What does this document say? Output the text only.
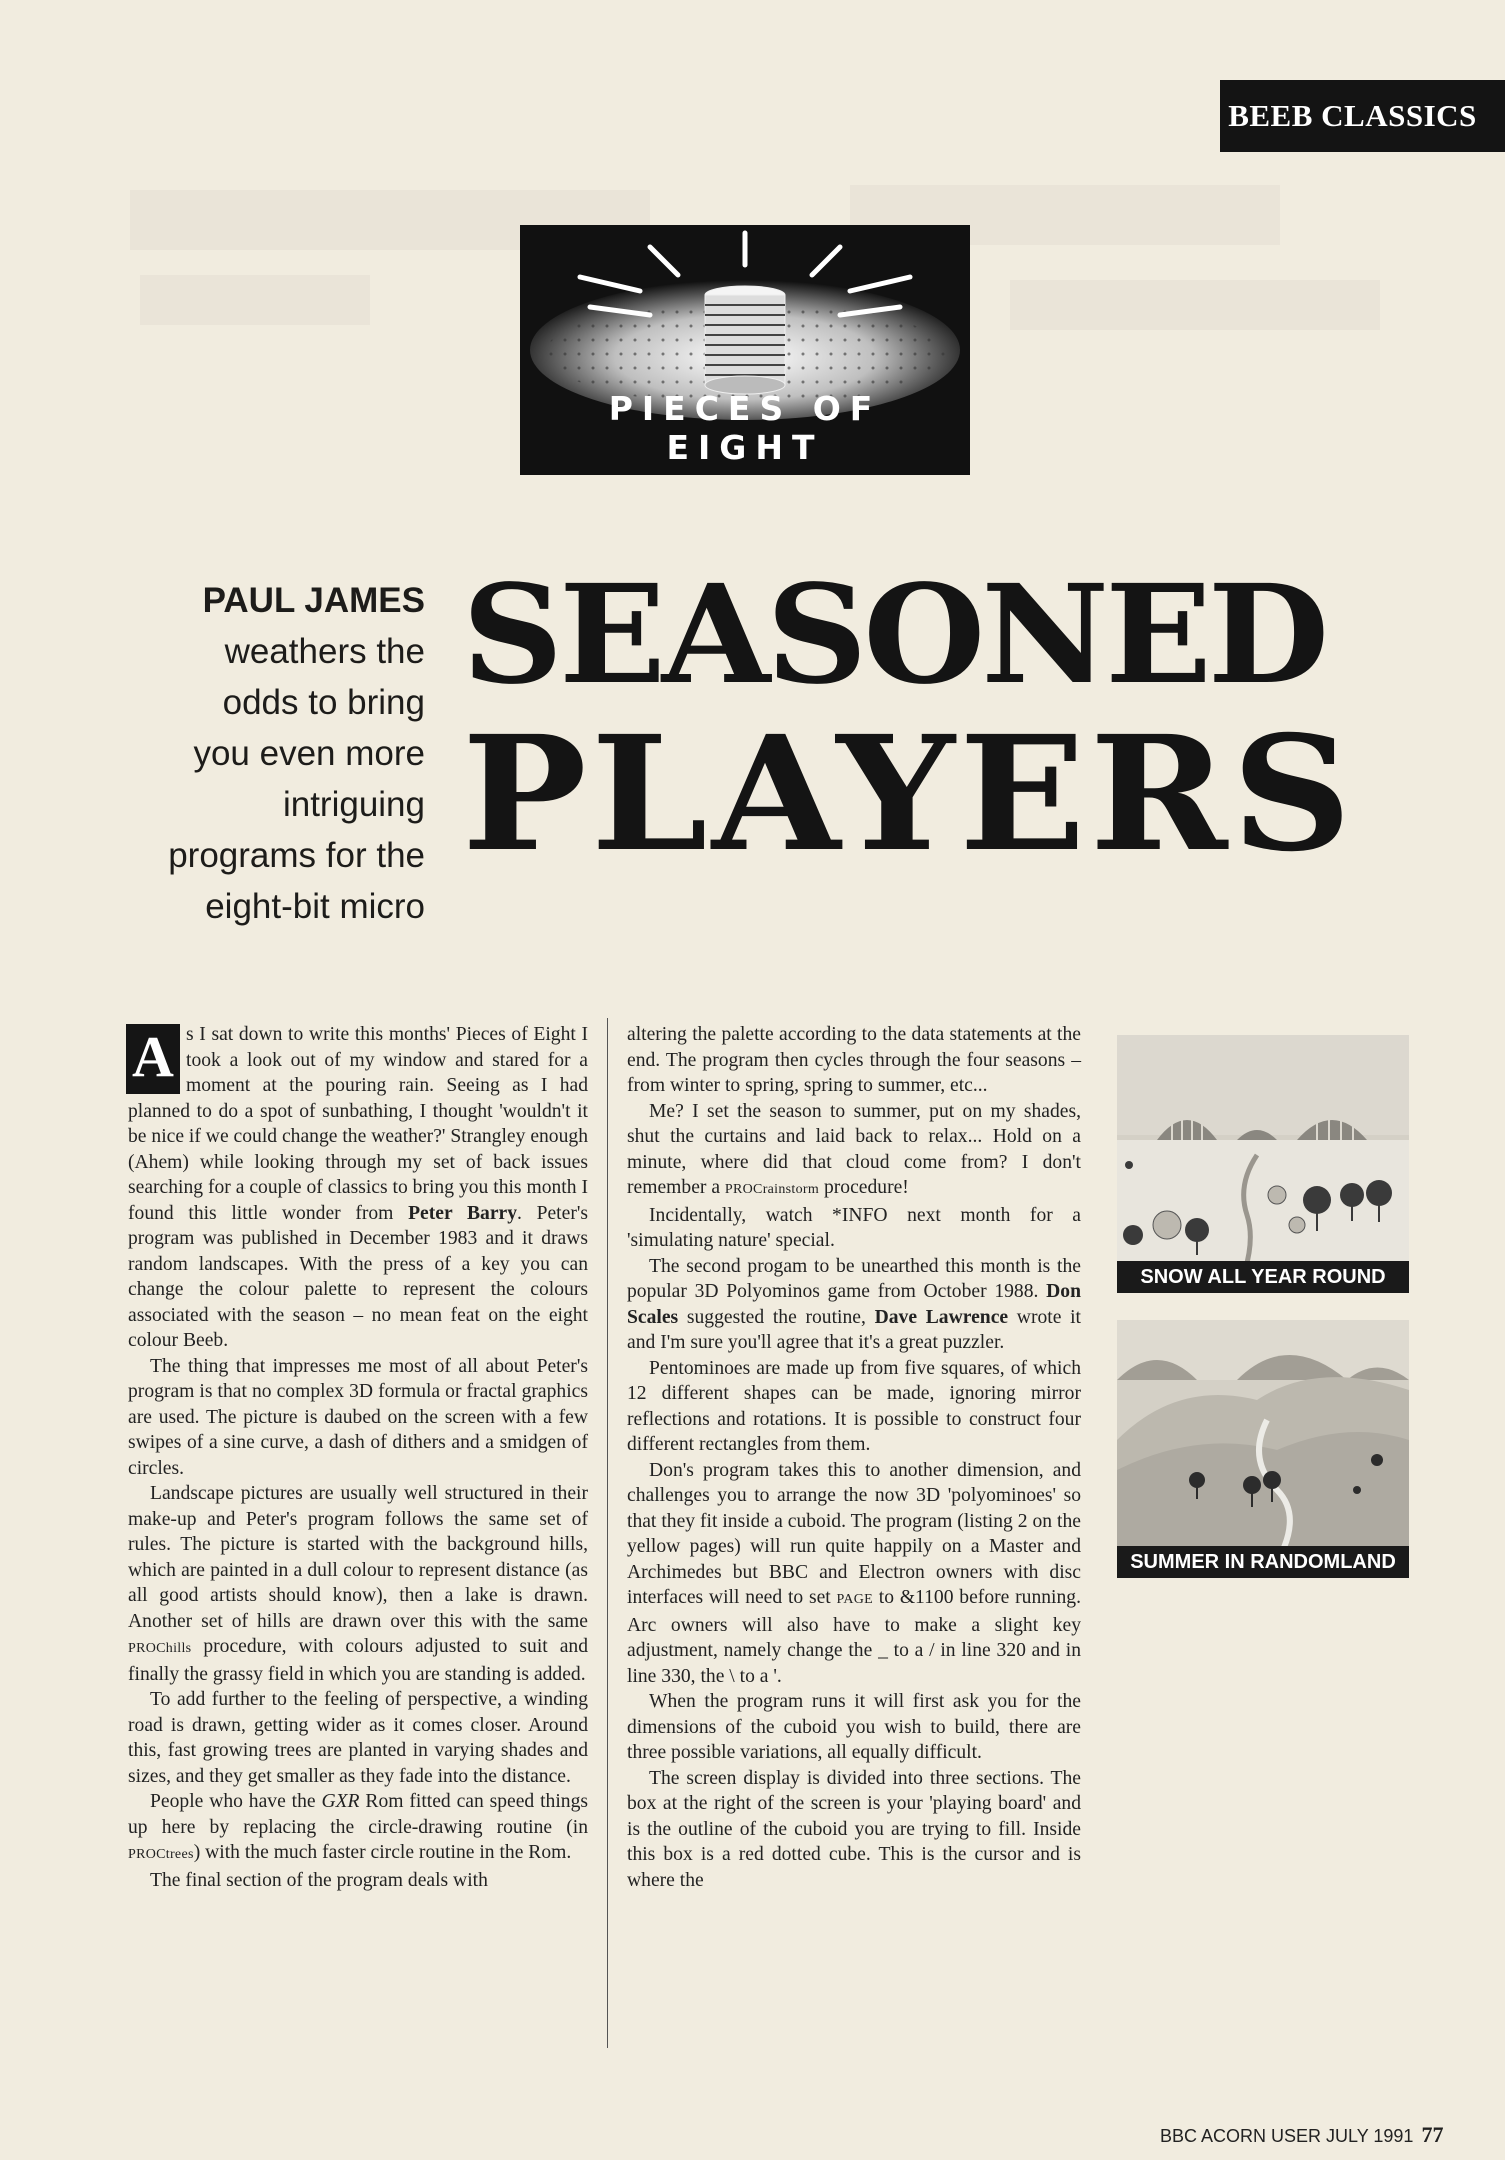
BEEB CLASSICS
PIECES OF EIGHT
PAUL JAMES
weathers the
odds to bring
you even more
intriguing
programs for the
eight-bit micro
SEASONED
PLAYERS

A s I sat down to write this months' Pieces of Eight I took a look out of my window and stared for a moment at the pouring rain. Seeing as I had planned to do a spot of sunbathing, I thought 'wouldn't it be nice if we could change the weather?' Strangley enough (Ahem) while looking through my set of back issues searching for a couple of classics to bring you this month I found this little wonder from Peter Barry. Peter's program was published in December 1983 and it draws random landscapes. With the press of a key you can change the colour palette to represent the colours associated with the season – no mean feat on the eight colour Beeb.

The thing that impresses me most of all about Peter's program is that no complex 3D formula or fractal graphics are used. The picture is daubed on the screen with a few swipes of a sine curve, a dash of dithers and a smidgen of circles.

Landscape pictures are usually well structured in their make-up and Peter's program follows the same set of rules. The picture is started with the background hills, which are painted in a dull colour to represent distance (as all good artists should know), then a lake is drawn. Another set of hills are drawn over this with the same PROChills procedure, with colours adjusted to suit and finally the grassy field in which you are standing is added.

To add further to the feeling of perspective, a winding road is drawn, getting wider as it comes closer. Around this, fast growing trees are planted in varying shades and sizes, and they get smaller as they fade into the distance.

People who have the GXR Rom fitted can speed things up here by replacing the circle-drawing routine (in PROCtrees) with the much faster circle routine in the Rom.

The final section of the program deals with

altering the palette according to the data statements at the end. The program then cycles through the four seasons – from winter to spring, spring to summer, etc...

Me? I set the season to summer, put on my shades, shut the curtains and laid back to relax... Hold on a minute, where did that cloud come from? I don't remember a PROCrainstorm procedure!

Incidentally, watch *INFO next month for a 'simulating nature' special.

The second progam to be unearthed this month is the popular 3D Polyominos game from October 1988. Don Scales suggested the routine, Dave Lawrence wrote it and I'm sure you'll agree that it's a great puzzler.

Pentominoes are made up from five squares, of which 12 different shapes can be made, ignoring mirror reflections and rotations. It is possible to construct four different rectangles from them.

Don's program takes this to another dimension, and challenges you to arrange the now 3D 'polyominoes' so that they fit inside a cuboid. The program (listing 2 on the yellow pages) will run quite happily on a Master and Archimedes but BBC and Electron owners with disc interfaces will need to set PAGE to &1100 before running. Arc owners will also have to make a slight key adjustment, namely change the _ to a / in line 320 and in line 330, the \ to a '.

When the program runs it will first ask you for the dimensions of the cuboid you wish to build, there are three possible variations, all equally difficult.

The screen display is divided into three sections. The box at the right of the screen is your 'playing board' and is the outline of the cuboid you are trying to fill. Inside this box is a red dotted cube. This is the cursor and is where the

SNOW ALL YEAR ROUND
SUMMER IN RANDOMLAND
BBC ACORN USER JULY 1991 77
